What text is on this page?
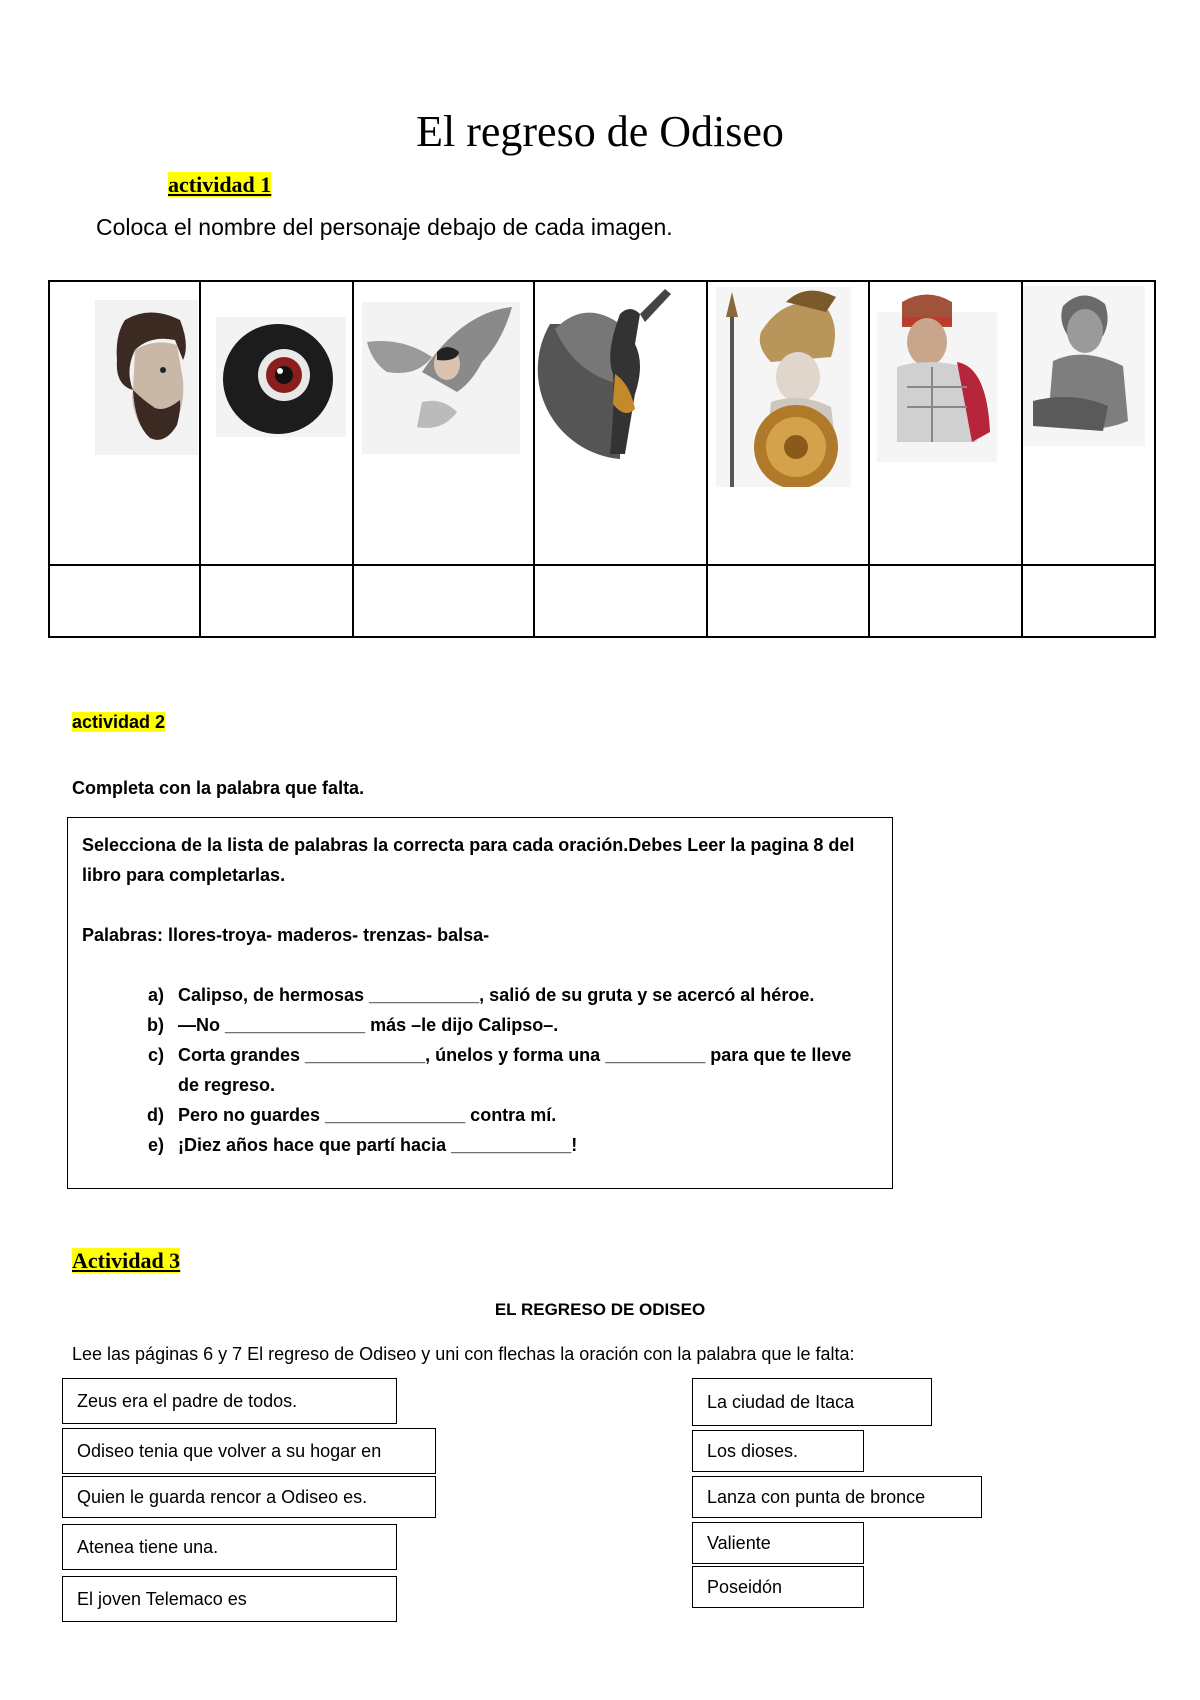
El regreso de Odiseo
actividad 1
Coloca el nombre del personaje debajo de cada imagen.

actividad 2
Completa con la palabra que falta.
Selecciona de la lista de palabras la correcta para cada oración.Debes Leer la pagina 8 del libro para completarlas.
Palabras: llores-troya- maderos- trenzas- balsa-
a) Calipso, de hermosas ___________, salió de su gruta y se acercó al héroe.
b) —No ______________ más –le dijo Calipso–.
c) Corta grandes ____________, únelos y forma una __________ para que te lleve de regreso.
d) Pero no guardes ______________ contra mí.
e) ¡Diez años hace que partí hacia ____________!
Actividad 3
EL REGRESO DE ODISEO
Lee las páginas 6 y 7 El regreso de Odiseo y uni con flechas la oración con la palabra que le falta:
Zeus era el padre de todos.
Odiseo tenia que volver a su hogar en
Quien le guarda rencor a Odiseo es.
Atenea tiene una.
El joven Telemaco es
La ciudad de Itaca
Los dioses.
Lanza con punta de bronce
Valiente
Poseidón
